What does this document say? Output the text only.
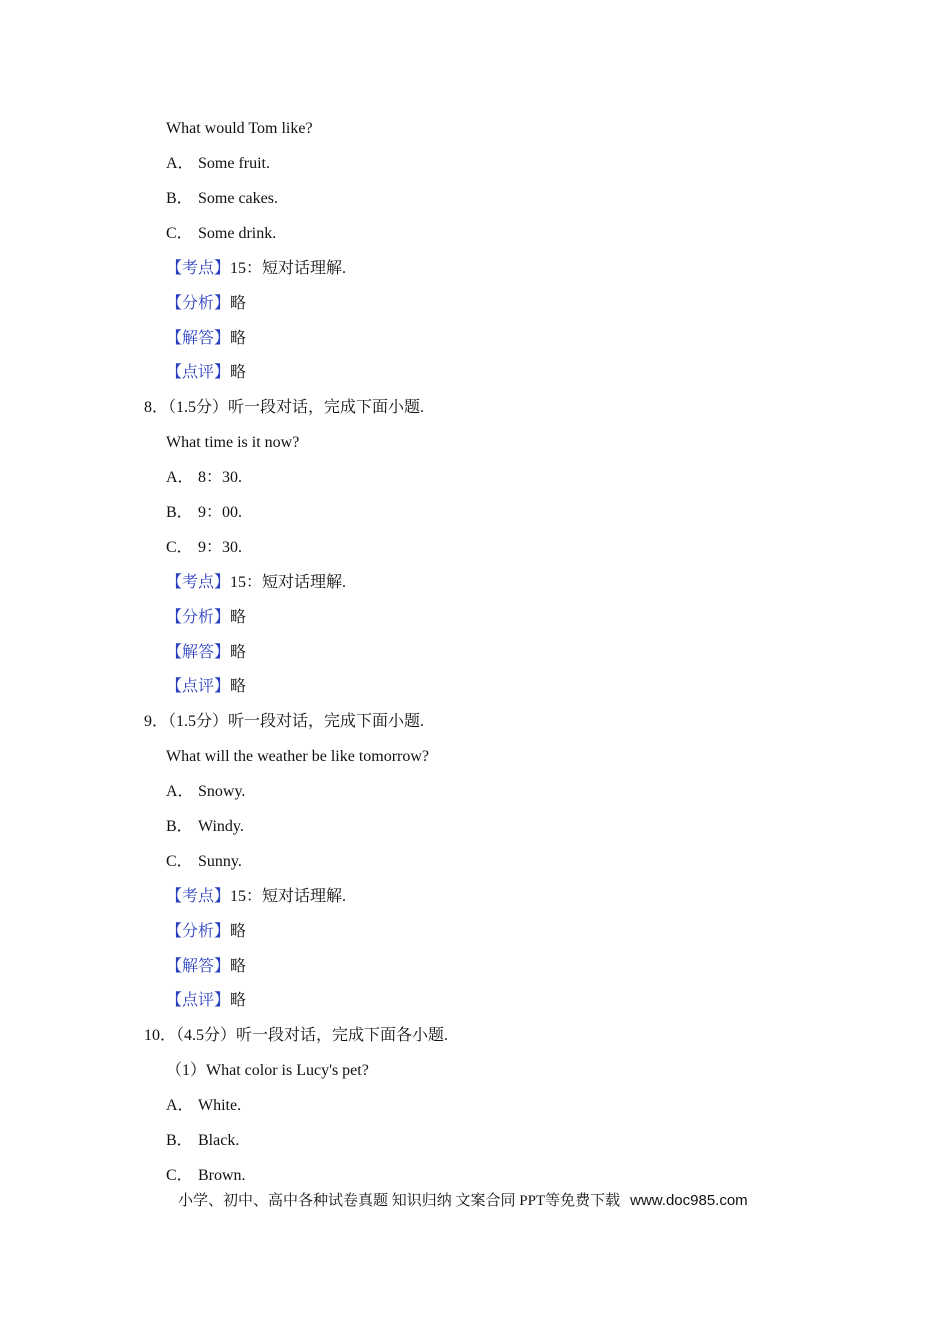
What would Tom like?
A． Some fruit.
B． Some cakes.
C． Some drink.
【考点】15：短对话理解.
【分析】略
【解答】略
【点评】略
8．（1.5分）听一段对话，完成下面小题.
What time is it now?
A． 8：30.
B． 9：00.
C． 9：30.
【考点】15：短对话理解.
【分析】略
【解答】略
【点评】略
9．（1.5分）听一段对话，完成下面小题.
What will the weather be like tomorrow?
A． Snowy.
B． Windy.
C． Sunny.
【考点】15：短对话理解.
【分析】略
【解答】略
【点评】略
10．（4.5分）听一段对话，完成下面各小题.
（1）What color is Lucy's pet?
A． White.
B． Black.
C． Brown.
小学、初中、高中各种试卷真题 知识归纳 文案合同 PPT等免费下载 www.doc985.com
